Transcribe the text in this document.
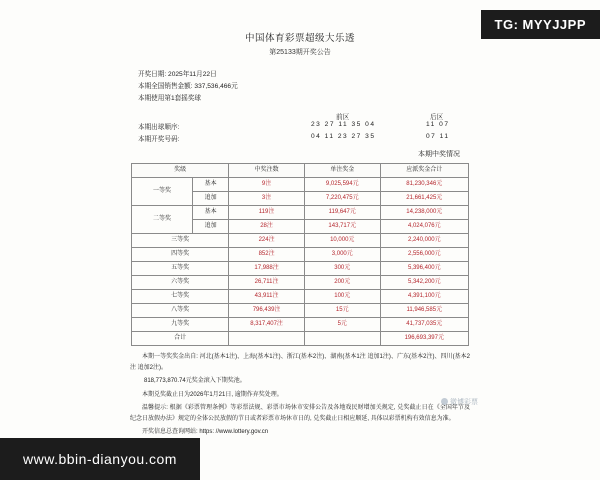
中国体育彩票超级大乐透
第25133期开奖公告
开奖日期: 2025年11月22日
本期全国销售金额: 337,536,466元
本期使用第1套摇奖球
前区	后区
本期出球顺序:	23 27 11 35 04	11 07
本期开奖号码:	04 11 23 27 35	07 11
本期中奖情况
奖级		中奖注数	单注奖金	应派奖金合计
一等奖	基本	9注	9,025,594元	81,230,346元
	追加	3注	7,220,475元	21,661,425元
二等奖	基本	119注	119,647元	14,238,000元
	追加	28注	143,717元	4,024,076元
三等奖		224注	10,000元	2,240,000元
四等奖		852注	3,000元	2,556,000元
五等奖		17,988注	300元	5,396,400元
六等奖		26,711注	200元	5,342,200元
七等奖		43,911注	100元	4,391,100元
八等奖		796,439注	15元	11,946,585元
九等奖		8,317,407注	5元	41,737,035元
合计				196,693,397元

本期一等奖奖金出自: 河北(基本1注)、上海(基本1注)、浙江(基本2注)、湖南(基本1注 追加1注)、广东(基本2注)、四川(基本2注 追加2注)。

818,773,870.74元奖金滚入下期奖池。

本期兑奖截止日为2026年1月21日, 逾期作弃奖处理。

温馨提示: 根据《彩票管理条例》等彩票法规、彩票市场休市安排公告及各地戏民财增加关规定, 兑奖截止日在《全国年节及纪念日放假办法》规定的全体公民放假的节日或者彩票市场休市日的, 兑奖截止日相应顺延, 具体以彩票机构有效信息为准。

开奖信息总查询网站: https: //www.lottery.gov.cn

微博彩票
TG: MYYJJPP
www.bbin-dianyou.com
